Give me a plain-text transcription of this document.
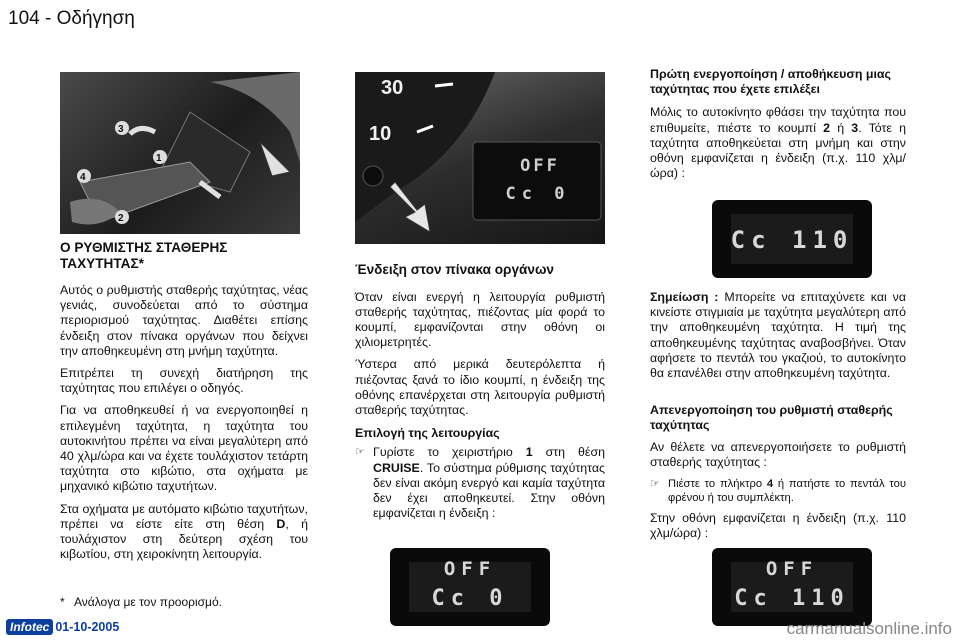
104 - Οδήγηση
3
1
4
2
30
10
OFF
Cc 0
Ο ΡΥΘΜΙΣΤΗΣ ΣΤΑΘΕΡΗΣ ΤΑΧΥΤΗΤΑΣ*

Αυτός ο ρυθμιστής σταθερής ταχύτητας, νέας γενιάς, συνοδεύεται από το σύστημα περιορισμού ταχύτητας. Διαθέτει επίσης ένδειξη στον πίνακα οργάνων που δείχνει την αποθηκευμένη στη μνήμη ταχύτητα.

Επιτρέπει τη συνεχή διατήρηση της ταχύτητας που επιλέγει ο οδηγός.

Για να αποθηκευθεί ή να ενεργοποιηθεί η επιλεγμένη ταχύτητα, η ταχύτητα του αυτοκινήτου πρέπει να είναι μεγαλύτερη από 40 χλμ/ώρα και να έχετε τουλάχιστον τετάρτη ταχύτητα στο κιβώτιο, στα οχήματα με μηχανικό κιβώτιο ταχυτήτων.

Στα οχήματα με αυτόματο κιβώτιο ταχυτήτων, πρέπει να είστε είτε στη θέση D, ή τουλάχιστον στη δεύτερη σχέση του κιβωτίου, στη χειροκίνητη λειτουργία.

* Ανάλογα με τον προορισμό.
Ένδειξη στον πίνακα οργάνων

Όταν είναι ενεργή η λειτουργία ρυθμιστή σταθερής ταχύτητας, πιέζοντας μία φορά το κουμπί, εμφανίζονται στην οθόνη οι χιλιομετρητές.

Ύστερα από μερικά δευτερόλεπτα ή πιέζοντας ξανά το ίδιο κουμπί, η ένδειξη της οθόνης επανέρχεται στη λειτουργία ρυθμιστή σταθερής ταχύτητας.

Επιλογή της λειτουργίας
☞ Γυρίστε το χειριστήριο 1 στη θέση CRUISE. Το σύστημα ρύθμισης ταχύτητας δεν είναι ακόμη ενεργό και καμία ταχύτητα δεν έχει αποθηκευτεί. Στην οθόνη εμφανίζεται η ένδειξη :
OFF
Cc 0
Πρώτη ενεργοποίηση / αποθήκευση μιας ταχύτητας που έχετε επιλέξει

Μόλις το αυτοκίνητο φθάσει την ταχύτητα που επιθυμείτε, πιέστε το κουμπί 2 ή 3. Τότε η ταχύτητα αποθηκεύεται στη μνήμη και στην οθόνη εμφανίζεται η ένδειξη (π.χ. 110 χλμ/ώρα) :

Cc 110

Σημείωση : Μπορείτε να επιταχύνετε και να κινείστε στιγμιαία με ταχύτητα μεγαλύτερη από την αποθηκευμένη ταχύτητα. Η τιμή της αποθηκευμένης ταχύτητας αναβοσβήνει. Όταν αφήσετε το πεντάλ του γκαζιού, το αυτοκίνητο θα επανέλθει στην αποθηκευμένη ταχύτητα.

Απενεργοποίηση του ρυθμιστή σταθερής ταχύτητας

Αν θέλετε να απενεργοποιήσετε το ρυθμιστή σταθερής ταχύτητας :

☞ Πιέστε το πλήκτρο 4 ή πατήστε το πεντάλ του φρένου ή του συμπλέκτη.

Στην οθόνη εμφανίζεται η ένδειξη (π.χ. 110 χλμ/ώρα) :

OFF
Cc 110
Infotec 01-10-2005	carmanualsonline.info
